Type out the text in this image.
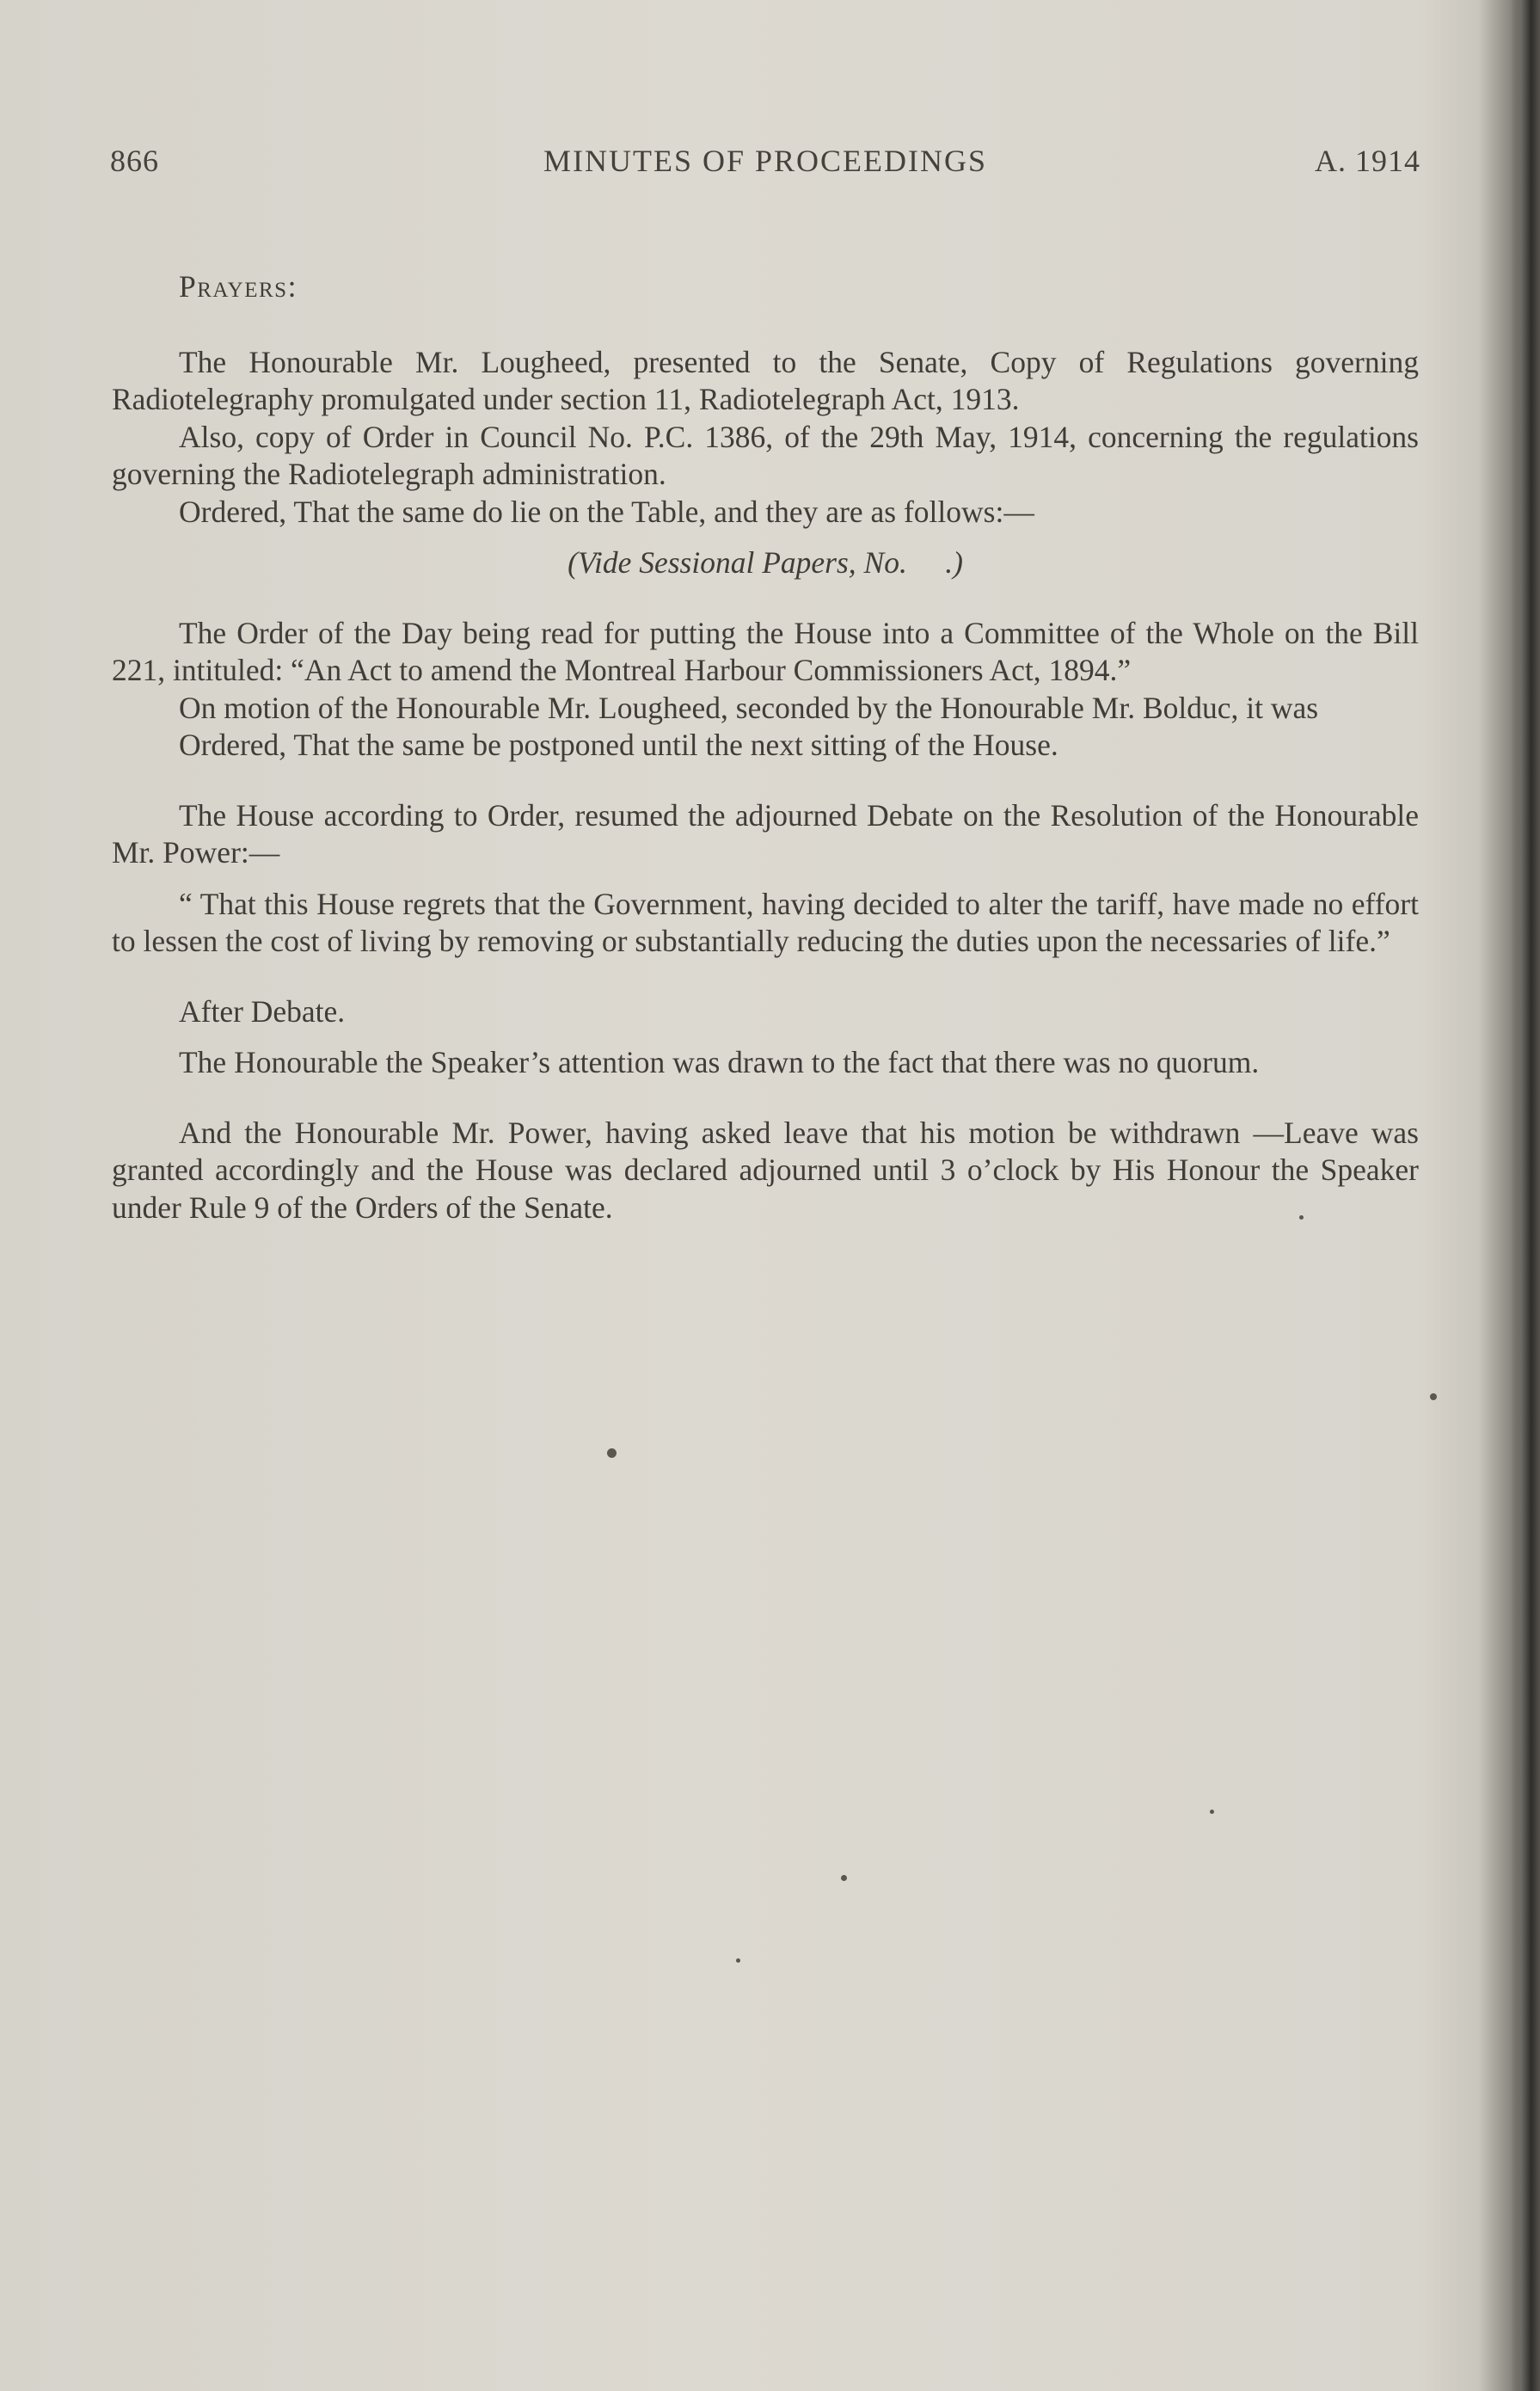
866	MINUTES OF PROCEEDINGS	A. 1914

Prayers:

The Honourable Mr. Lougheed, presented to the Senate, Copy of Regulations governing Radiotelegraphy promulgated under section 11, Radiotelegraph Act, 1913.

Also, copy of Order in Council No. P.C. 1386, of the 29th May, 1914, concerning the regulations governing the Radiotelegraph administration.

Ordered, That the same do lie on the Table, and they are as follows:—

(Vide Sessional Papers, No.     .)

The Order of the Day being read for putting the House into a Committee of the Whole on the Bill 221, intituled: “An Act to amend the Montreal Harbour Commissioners Act, 1894.”

On motion of the Honourable Mr. Lougheed, seconded by the Honourable Mr. Bolduc, it was

Ordered, That the same be postponed until the next sitting of the House.

The House according to Order, resumed the adjourned Debate on the Resolution of the Honourable Mr. Power:—

“ That this House regrets that the Government, having decided to alter the tariff, have made no effort to lessen the cost of living by removing or substantially reducing the duties upon the necessaries of life.”

After Debate.

The Honourable the Speaker’s attention was drawn to the fact that there was no quorum.

And the Honourable Mr. Power, having asked leave that his motion be withdrawn —Leave was granted accordingly and the House was declared adjourned until 3 o’clock by His Honour the Speaker under Rule 9 of the Orders of the Senate.
